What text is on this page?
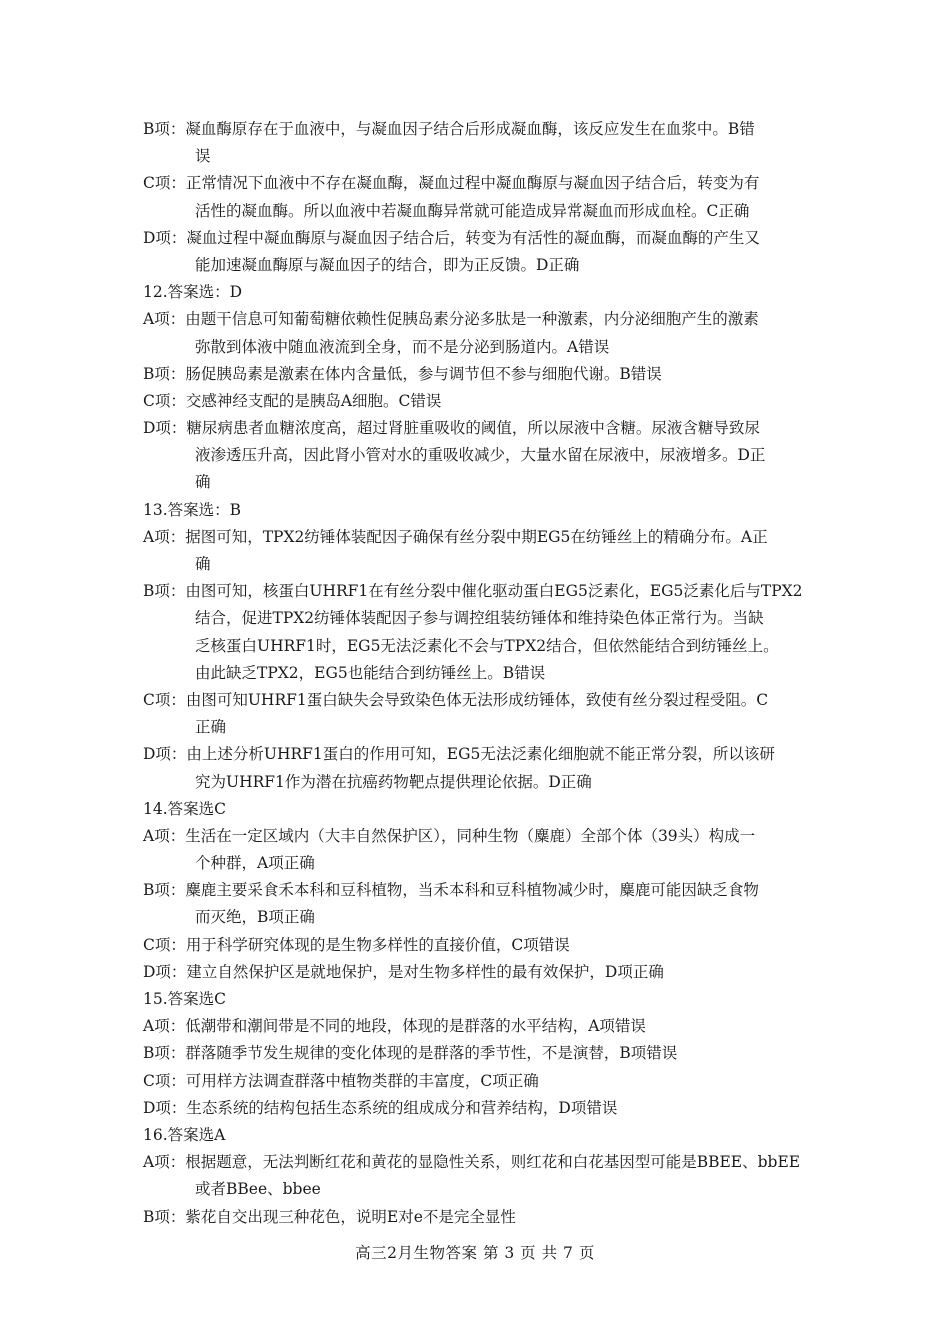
B项：凝血酶原存在于血液中，与凝血因子结合后形成凝血酶，该反应发生在血浆中。B错
误
C项：正常情况下血液中不存在凝血酶，凝血过程中凝血酶原与凝血因子结合后，转变为有
活性的凝血酶。所以血液中若凝血酶异常就可能造成异常凝血而形成血栓。C正确
D项：凝血过程中凝血酶原与凝血因子结合后，转变为有活性的凝血酶，而凝血酶的产生又
能加速凝血酶原与凝血因子的结合，即为正反馈。D正确
12.答案选：D
A项：由题干信息可知葡萄糖依赖性促胰岛素分泌多肽是一种激素，内分泌细胞产生的激素
弥散到体液中随血液流到全身，而不是分泌到肠道内。A错误
B项：肠促胰岛素是激素在体内含量低，参与调节但不参与细胞代谢。B错误
C项：交感神经支配的是胰岛A细胞。C错误
D项：糖尿病患者血糖浓度高，超过肾脏重吸收的阈值，所以尿液中含糖。尿液含糖导致尿
液渗透压升高，因此肾小管对水的重吸收减少，大量水留在尿液中，尿液增多。D正
确
13.答案选：B
A项：据图可知，TPX2纺锤体装配因子确保有丝分裂中期EG5在纺锤丝上的精确分布。A正
确
B项：由图可知，核蛋白UHRF1在有丝分裂中催化驱动蛋白EG5泛素化，EG5泛素化后与TPX2
结合，促进TPX2纺锤体装配因子参与调控组装纺锤体和维持染色体正常行为。当缺
乏核蛋白UHRF1时，EG5无法泛素化不会与TPX2结合，但依然能结合到纺锤丝上。
由此缺乏TPX2，EG5也能结合到纺锤丝上。B错误
C项：由图可知UHRF1蛋白缺失会导致染色体无法形成纺锤体，致使有丝分裂过程受阻。C
正确
D项：由上述分析UHRF1蛋白的作用可知，EG5无法泛素化细胞就不能正常分裂，所以该研
究为UHRF1作为潜在抗癌药物靶点提供理论依据。D正确
14.答案选C
A项：生活在一定区域内（大丰自然保护区），同种生物（麋鹿）全部个体（39头）构成一
个种群，A项正确
B项：麋鹿主要采食禾本科和豆科植物，当禾本科和豆科植物减少时，麋鹿可能因缺乏食物
而灭绝，B项正确
C项：用于科学研究体现的是生物多样性的直接价值，C项错误
D项：建立自然保护区是就地保护，是对生物多样性的最有效保护，D项正确
15.答案选C
A项：低潮带和潮间带是不同的地段，体现的是群落的水平结构，A项错误
B项：群落随季节发生规律的变化体现的是群落的季节性，不是演替，B项错误
C项：可用样方法调查群落中植物类群的丰富度，C项正确
D项：生态系统的结构包括生态系统的组成成分和营养结构，D项错误
16.答案选A
A项：根据题意，无法判断红花和黄花的显隐性关系，则红花和白花基因型可能是BBEE、bbEE
或者BBee、bbee
B项：紫花自交出现三种花色，说明E对e不是完全显性
高三2月生物答案 第 3 页 共 7 页
